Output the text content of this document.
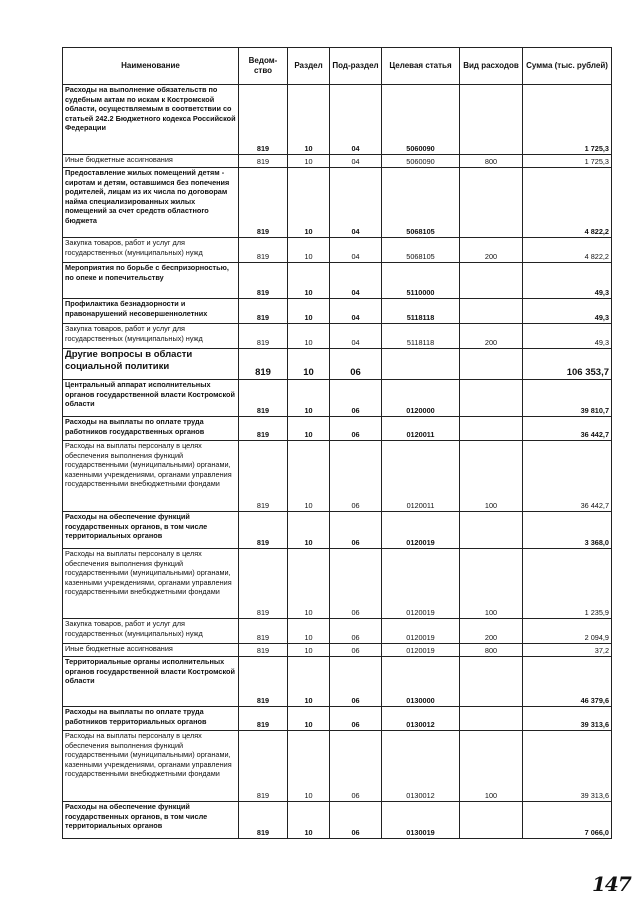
Наименование	Ведом-ство	Раздел	Под-раздел	Целевая статья	Вид расходов	Сумма (тыс. рублей)
Расходы на выполнение обязательств по судебным актам по искам к Костромской области, осуществляемым в соответствии со статьей 242.2 Бюджетного кодекса Российской Федерации	819	10	04	5060090		1 725,3
Иные бюджетные ассигнования	819	10	04	5060090	800	1 725,3
Предоставление жилых помещений детям - сиротам и детям, оставшимся без попечения родителей, лицам из их числа по договорам найма специализированных жилых помещений за счет средств областного бюджета	819	10	04	5068105		4 822,2
Закупка товаров, работ и услуг для государственных (муниципальных) нужд	819	10	04	5068105	200	4 822,2
Мероприятия по борьбе с беспризорностью, по опеке и попечительству	819	10	04	5110000		49,3
Профилактика безнадзорности и правонарушений несовершеннолетних	819	10	04	5118118		49,3
Закупка товаров, работ и услуг для государственных (муниципальных) нужд	819	10	04	5118118	200	49,3
Другие вопросы в области социальной политики	819	10	06			106 353,7
Центральный аппарат исполнительных органов государственной власти Костромской области	819	10	06	0120000		39 810,7
Расходы на выплаты по оплате труда работников государственных органов	819	10	06	0120011		36 442,7
Расходы на выплаты персоналу в целях обеспечения выполнения функций государственными (муниципальными) органами, казенными учреждениями, органами управления государственными внебюджетными фондами	819	10	06	0120011	100	36 442,7
Расходы на обеспечение функций государственных органов, в том числе территориальных органов	819	10	06	0120019		3 368,0
Расходы на выплаты персоналу в целях обеспечения выполнения функций государственными (муниципальными) органами, казенными учреждениями, органами управления государственными внебюджетными фондами	819	10	06	0120019	100	1 235,9
Закупка товаров, работ и услуг для государственных (муниципальных) нужд	819	10	06	0120019	200	2 094,9
Иные бюджетные ассигнования	819	10	06	0120019	800	37,2
Территориальные органы исполнительных органов государственной власти Костромской области	819	10	06	0130000		46 379,6
Расходы на выплаты по оплате труда работников территориальных органов	819	10	06	0130012		39 313,6
Расходы на выплаты персоналу в целях обеспечения выполнения функций государственными (муниципальными) органами, казенными учреждениями, органами управления государственными внебюджетными фондами	819	10	06	0130012	100	39 313,6
Расходы на обеспечение функций государственных органов, в том числе территориальных органов	819	10	06	0130019		7 066,0
147
